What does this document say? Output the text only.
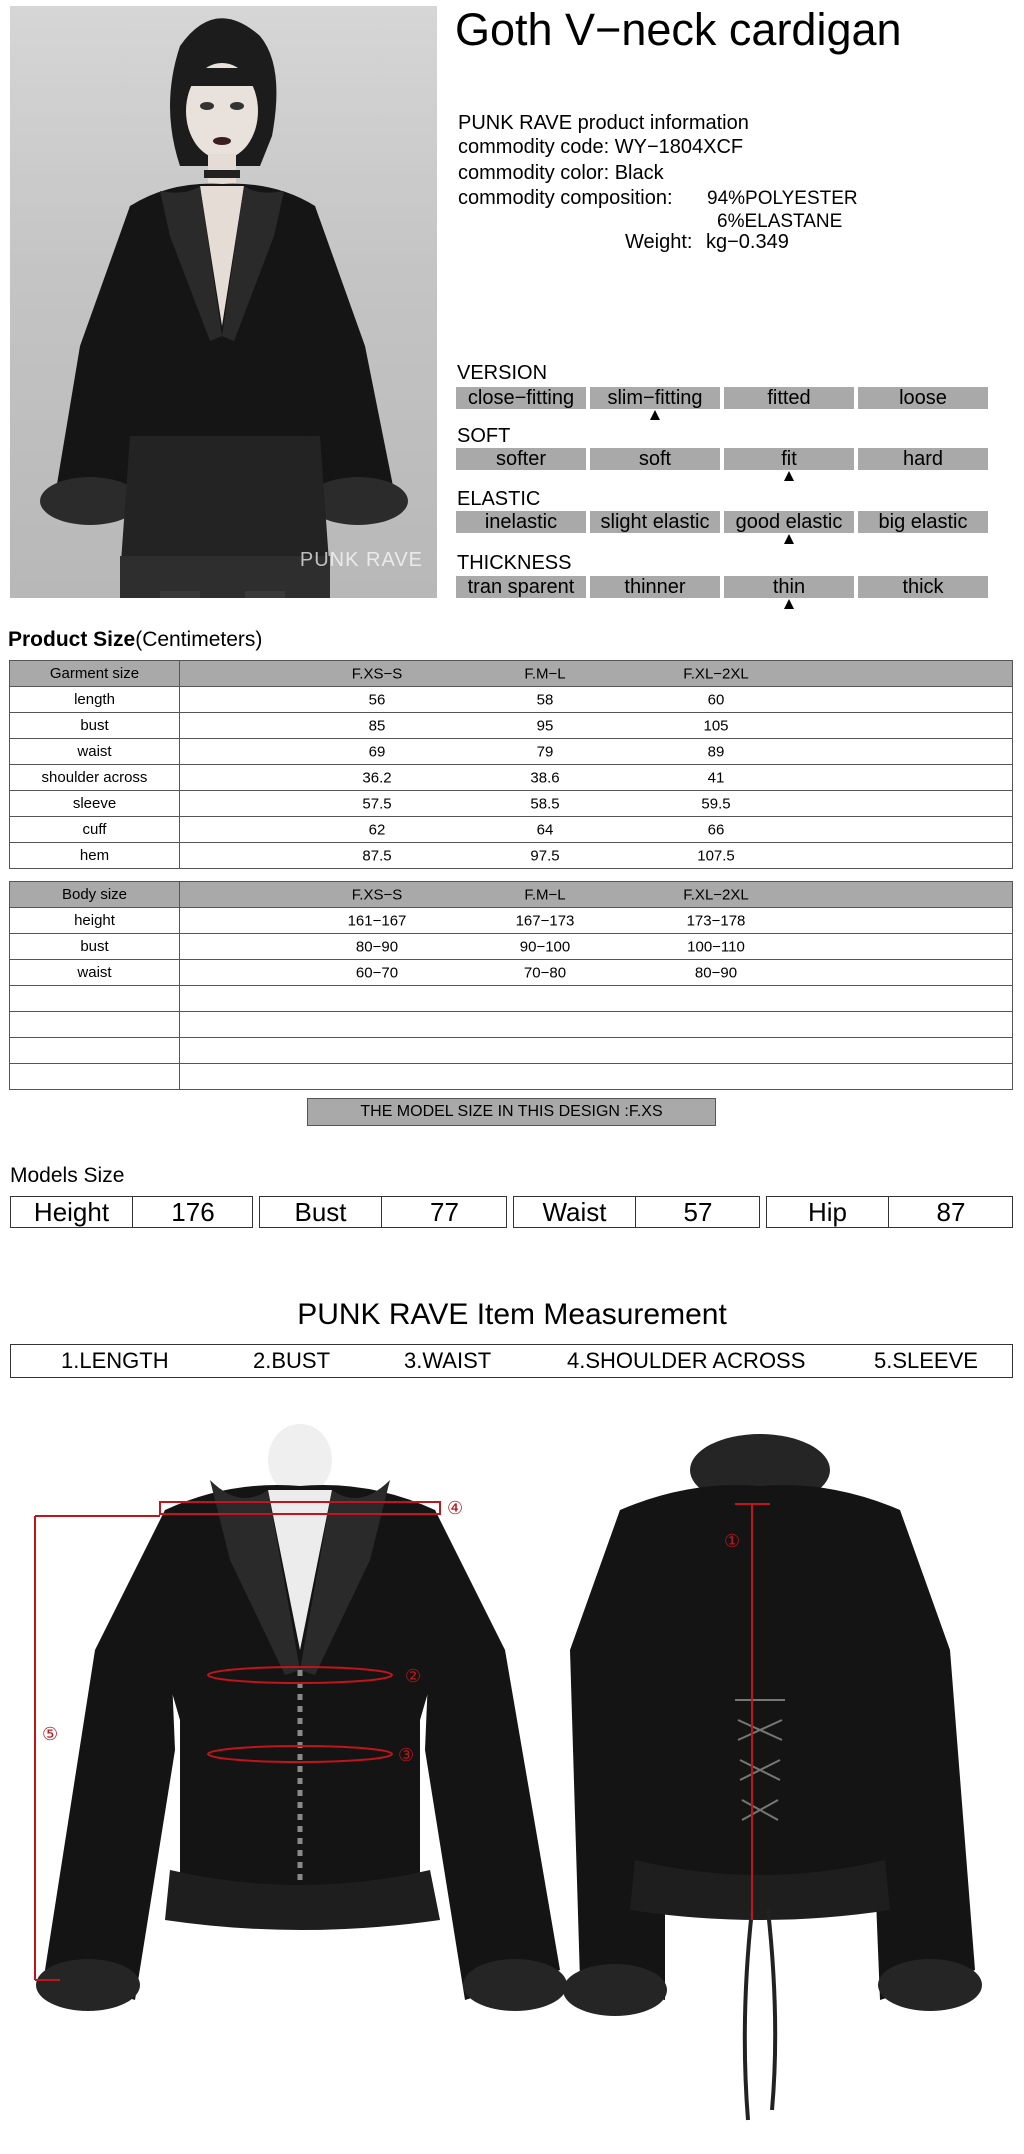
PUNK RAVE
Goth V−neck cardigan
PUNK RAVE product information
commodity code: WY−1804XCF
commodity color: Black
commodity composition: 94%POLYESTER
6%ELASTANE
Weight: kg−0.349
VERSION
close−fitting	slim−fitting	fitted	loose
SOFT
softer	soft	fit	hard
ELASTIC
inelastic	slight elastic	good elastic	big elastic
THICKNESS
tran sparent	thinner	thin	thick
Product Size(Centimeters)
Garment size	F.XS−S F.M−L F.XL−2XL

length	56 58 60

bust	85 95 105

waist	69 79 89

shoulder across	36.2 38.6 41

sleeve	57.5 58.5 59.5

cuff	62 64 66

hem	87.5 97.5 107.5
Body size	F.XS−S F.M−L F.XL−2XL

height	161−167 167−173 173−178

bust	80−90 90−100 100−110

waist	60−70 70−80 80−90

THE MODEL SIZE IN THIS DESIGN :F.XS
Models Size
Height	176	Bust	77	Waist	57	Hip	87
PUNK RAVE Item Measurement
1.LENGTH	2.BUST	3.WAIST	4.SHOULDER ACROSS	5.SLEEVE
④
②
③
⑤
①
